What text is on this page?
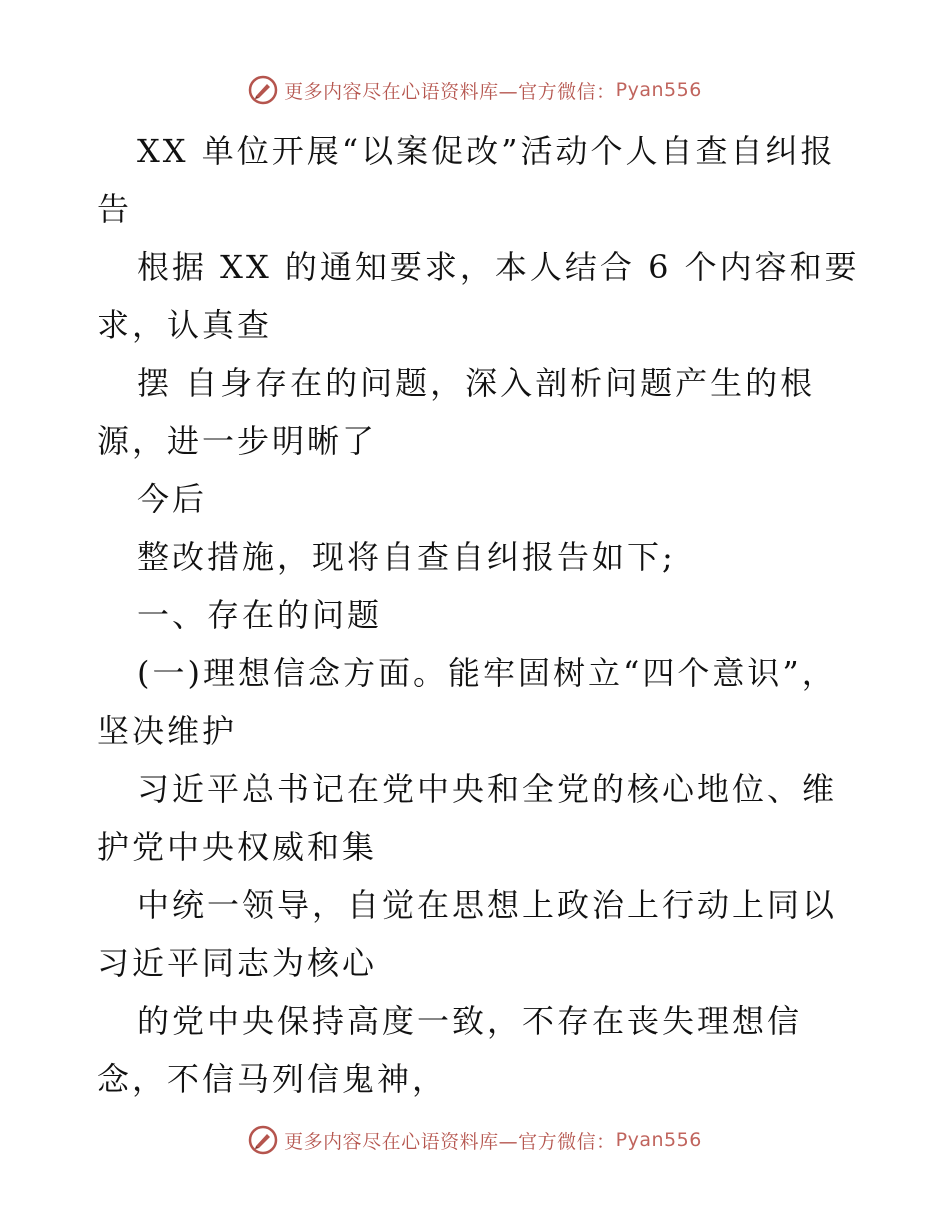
更多内容尽在心语资料库—官方微信： Pyan556

XX 单位开展“以案促改”活动个人自查自纠报告

根据 XX 的通知要求，本人结合 6 个内容和要求，认真查

摆 自身存在的问题，深入剖析问题产生的根源，进一步明晰了

今后

整改措施，现将自查自纠报告如下;

一、存在的问题

(一)理想信念方面。能牢固树立“四个意识”，坚决维护

习近平总书记在党中央和全党的核心地位、维护党中央权威和集

中统一领导，自觉在思想上政治上行动上同以习近平同志为核心

的党中央保持高度一致，不存在丧失理想信念，不信马列信鬼神，

更多内容尽在心语资料库—官方微信： Pyan556
